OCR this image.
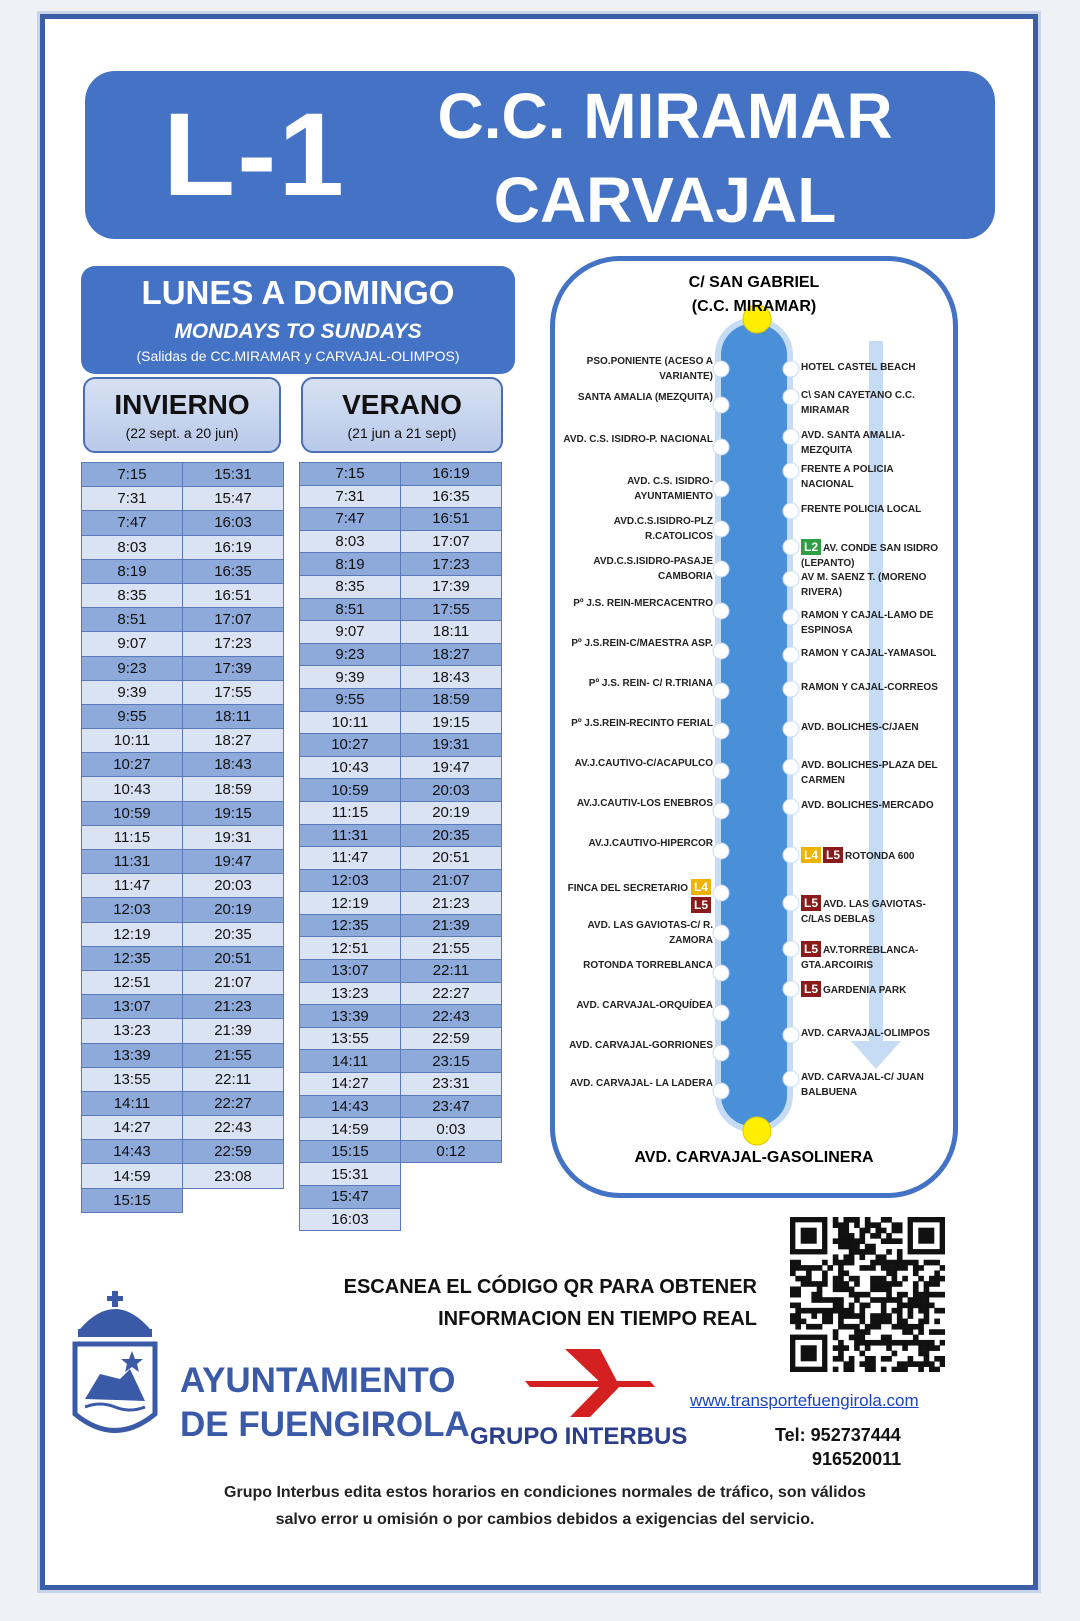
L-1	C.C. MIRAMAR
CARVAJAL
LUNES A DOMINGO
MONDAYS TO SUNDAYS
(Salidas de CC.MIRAMAR y CARVAJAL-OLIMPOS)
INVIERNO
(22 sept. a 20 jun)
VERANO
(21 jun a 21 sept)
7:15	15:31
7:31	15:47
7:47	16:03
8:03	16:19
8:19	16:35
8:35	16:51
8:51	17:07
9:07	17:23
9:23	17:39
9:39	17:55
9:55	18:11
10:11	18:27
10:27	18:43
10:43	18:59
10:59	19:15
11:15	19:31
11:31	19:47
11:47	20:03
12:03	20:19
12:19	20:35
12:35	20:51
12:51	21:07
13:07	21:23
13:23	21:39
13:39	21:55
13:55	22:11
14:11	22:27
14:27	22:43
14:43	22:59
14:59	23:08
15:15	
7:15	16:19
7:31	16:35
7:47	16:51
8:03	17:07
8:19	17:23
8:35	17:39
8:51	17:55
9:07	18:11
9:23	18:27
9:39	18:43
9:55	18:59
10:11	19:15
10:27	19:31
10:43	19:47
10:59	20:03
11:15	20:19
11:31	20:35
11:47	20:51
12:03	21:07
12:19	21:23
12:35	21:39
12:51	21:55
13:07	22:11
13:23	22:27
13:39	22:43
13:55	22:59
14:11	23:15
14:27	23:31
14:43	23:47
14:59	0:03
15:15	0:12
15:31	
15:47	
16:03	
C/ SAN GABRIEL
(C.C. MIRAMAR)
AVD. CARVAJAL-GASOLINERA
PSO.PONIENTE (ACESO A VARIANTE)
SANTA AMALIA (MEZQUITA)
AVD. C.S. ISIDRO-P. NACIONAL
AVD. C.S. ISIDRO-AYUNTAMIENTO
AVD.C.S.ISIDRO-PLZ R.CATOLICOS
AVD.C.S.ISIDRO-PASAJE CAMBORIA
Pº J.S. REIN-MERCACENTRO
Pº J.S.REIN-C/MAESTRA ASP.
Pº J.S. REIN- C/ R.TRIANA
Pº J.S.REIN-RECINTO FERIAL
AV.J.CAUTIVO-C/ACAPULCO
AV.J.CAUTIV-LOS ENEBROS
AV.J.CAUTIVO-HIPERCOR
FINCA DEL SECRETARIO L4L5
AVD. LAS GAVIOTAS-C/ R. ZAMORA
ROTONDA TORREBLANCA
AVD. CARVAJAL-ORQUÍDEA
AVD. CARVAJAL-GORRIONES
AVD. CARVAJAL- LA LADERA
HOTEL CASTEL BEACH
C\ SAN CAYETANO C.C. MIRAMAR
AVD. SANTA AMALIA-MEZQUITA
FRENTE A POLICIA NACIONAL
FRENTE POLICIA LOCAL
L2 AV. CONDE SAN ISIDRO (LEPANTO)
AV M. SAENZ T. (MORENO RIVERA)
RAMON Y CAJAL-LAMO DE ESPINOSA
RAMON Y CAJAL-YAMASOL
RAMON Y CAJAL-CORREOS
AVD. BOLICHES-C/JAEN
AVD. BOLICHES-PLAZA DEL CARMEN
AVD. BOLICHES-MERCADO
L4 L5 ROTONDA 600
L5 AVD. LAS GAVIOTAS-C/LAS DEBLAS
L5 AV.TORREBLANCA-GTA.ARCOIRIS
L5 GARDENIA PARK
AVD. CARVAJAL-OLIMPOS
AVD. CARVAJAL-C/ JUAN BALBUENA
ESCANEA EL CÓDIGO QR PARA OBTENER
INFORMACION EN TIEMPO REAL
AYUNTAMIENTO
DE FUENGIROLA GRUPO INTERBUS
www.transportefuengirola.com
Tel: 952737444
916520011
Grupo Interbus edita estos horarios en condiciones normales de tráfico, son válidos
salvo error u omisión o por cambios debidos a exigencias del servicio.
